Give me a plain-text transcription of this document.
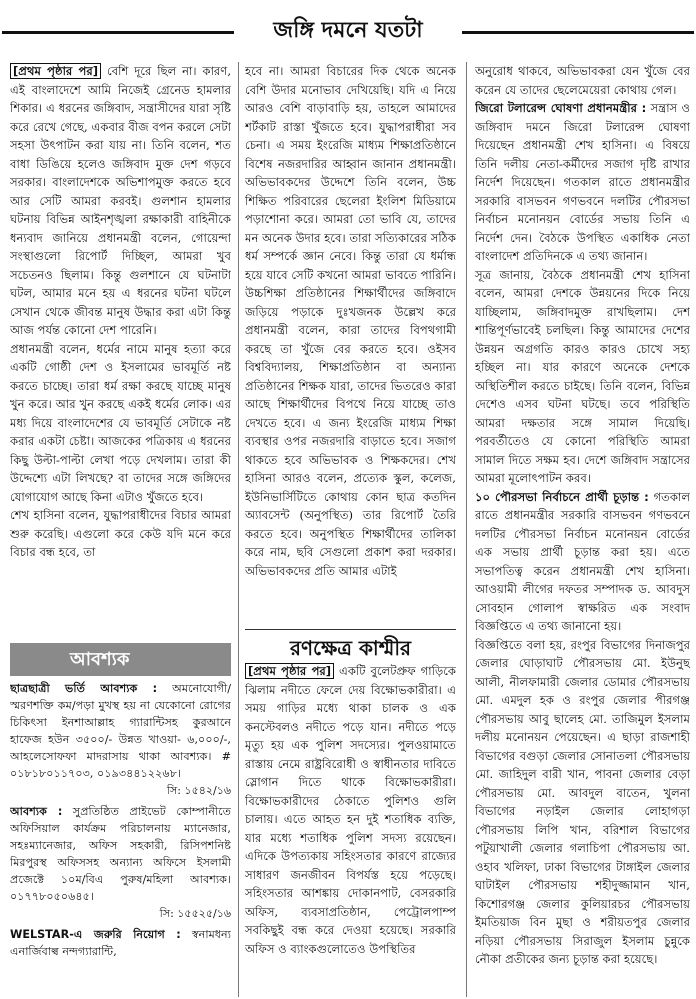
জঙ্গি দমনে যতটা

[প্রথম পৃষ্ঠার পর] বেশি দূরে ছিল না। কারণ, এই বাংলাদেশে আমি নিজেই গ্রেনেড হামলার শিকার। এ ধরনের জঙ্গিবাদ, সন্ত্রাসীদের যারা সৃষ্টি করে রেখে গেছে, একবার বীজ বপন করলে সেটা সহসা উৎপাটন করা যায় না। তিনি বলেন, শত বাধা ডিঙিয়ে হলেও জঙ্গিবাদ মুক্ত দেশ গড়বে সরকার। বাংলাদেশকে অভিশাপমুক্ত করতে হবে আর সেটি আমরা করবই। গুলশান হামলার ঘটনায় বিভিন্ন আইনশৃঙ্খলা রক্ষাকারী বাহিনীকে ধন্যবাদ জানিয়ে প্রধানমন্ত্রী বলেন, গোয়েন্দা সংস্থাগুলো রিপোর্ট দিচ্ছিল, আমরা খুব সচেতনও ছিলাম। কিন্তু গুলশানে যে ঘটনাটা ঘটল, আমার মনে হয় এ ধরনের ঘটনা ঘটলে সেখান থেকে জীবন্ত মানুষ উদ্ধার করা এটা কিন্তু আজ পর্যন্ত কোনো দেশ পারেনি।

প্রধানমন্ত্রী বলেন, ধর্মের নামে মানুষ হত্যা করে একটি গোষ্ঠী দেশ ও ইসলামের ভাবমূর্তি নষ্ট করতে চাচ্ছে। তারা ধর্ম রক্ষা করছে যাচ্ছে মানুষ খুন করে। আর খুন করছে একই ধর্মের লোক। এর মধ্য দিয়ে বাংলাদেশের যে ভাবমূর্তি সেটাকে নষ্ট করার একটা চেষ্টা। আজকের পত্রিকায় এ ধরনের কিছু উল্টা-পাল্টা লেখা পড়ে দেখলাম। তারা কী উদ্দেশ্যে এটা লিখছে? বা তাদের সঙ্গে জঙ্গিদের যোগাযোগ আছে কিনা এটাও খুঁজতে হবে।

শেখ হাসিনা বলেন, যুদ্ধাপরাধীদের বিচার আমরা শুরু করেছি। এগুলো করে কেউ যদি মনে করে বিচার বন্ধ হবে, তা

আবশ্যক

ছাত্রছাত্রী ভর্তি আবশ্যক : অমনোযোগী/ স্মরণশক্তি কম/পড়া মুখস্থ হয় না যেকোনো রোগের চিকিৎসা ইনশাআল্লাহ গ্যারান্টিসহ কুরআনে হাফেজ হউন ৩৫০০/- উন্নত খাওয়া- ৬,০০০/-, আহলেসোফফা মাদরাসায় থাকা আবশ্যক। # ০১৮১৮০১১৭০৩, ০১৯৩৪৪১২২৬৮।

সি: ১৫৪২/১৬

আবশ্যক : সুপ্রতিষ্ঠিত প্রাইভেট কোম্পানীতে অফিসিয়াল কার্যক্রম পরিচালনায় ম্যানেজার, সহঃম্যানেজার, অফিস সহকারী, রিসিপশনিষ্ট মিরপুরস্থ অফিসসহ অন্যান্য অফিসে ইসলামী প্রজেক্টে ১০ম/বিএ পুরুষ/মহিলা আবশ্যক। ০১৭৭৮০৫০৬৪৫।

সি: ১৫৫২৫/১৬

WELSTAR-এ জরুরি নিয়োগ : স্বনামধন্য এনার্জিবাল্ব নন্দগ্যারান্টি,

হবে না। আমরা বিচারের দিক থেকে অনেক বেশি উদার মনোভাব দেখিয়েছি। যদি এ নিয়ে আরও বেশি বাড়াবাড়ি হয়, তাহলে আমাদের শর্টকাট রাস্তা খুঁজতে হবে। যুদ্ধাপরাধীরা সব চেনা। এ সময় ইংরেজি মাধ্যম শিক্ষাপ্রতিষ্ঠানে বিশেষ নজরদারির আহ্বান জানান প্রধানমন্ত্রী। অভিভাবকদের উদ্দেশে তিনি বলেন, উচ্চ শিক্ষিত পরিবারের ছেলেরা ইংলিশ মিডিয়ামে পড়াশোনা করে। আমরা তো ভাবি যে, তাদের মন অনেক উদার হবে। তারা সত্যিকারের সঠিক ধর্ম সম্পর্কে জ্ঞান নেবে। কিন্তু তারা যে ধর্মান্ধ হয়ে যাবে সেটি কখনো আমরা ভাবতে পারিনি। উচ্চশিক্ষা প্রতিষ্ঠানের শিক্ষার্থীদের জঙ্গিবাদে জড়িয়ে পড়াকে দুঃখজনক উল্লেখ করে প্রধানমন্ত্রী বলেন, কারা তাদের বিপথগামী করছে তা খুঁজে বের করতে হবে। ওইসব বিশ্ববিদ্যালয়, শিক্ষাপ্রতিষ্ঠান বা অন্যান্য প্রতিষ্ঠানের শিক্ষক যারা, তাদের ভিতরেও কারা আছে শিক্ষার্থীদের বিপথে নিয়ে যাচ্ছে তাও দেখতে হবে। এ জন্য ইংরেজি মাধ্যম শিক্ষা ব্যবস্থার ওপর নজরদারি বাড়াতে হবে। সজাগ থাকতে হবে অভিভাবক ও শিক্ষকদের। শেখ হাসিনা আরও বলেন, প্রত্যেক স্কুল, কলেজ, ইউনিভার্সিটিতে কোথায় কোন ছাত্র কতদিন অ্যাবসেন্ট (অনুপস্থিত) তার রিপোর্ট তৈরি করতে হবে। অনুপস্থিত শিক্ষার্থীদের তালিকা করে নাম, ছবি সেগুলো প্রকাশ করা দরকার। অভিভাবকদের প্রতি আমার এটাই

রণক্ষেত্র কাশ্মীর

[প্রথম পৃষ্ঠার পর] একটি বুলেটপ্রুফ গাড়িকে ঝিলাম নদীতে ফেলে দেয় বিক্ষোভকারীরা। এ সময় গাড়ির মধ্যে থাকা চালক ও এক কনস্টেবলও নদীতে পড়ে যান। নদীতে পড়ে মৃত্যু হয় এক পুলিশ সদস্যের। পুলওয়ামাতে রাস্তায় নেমে রাষ্ট্রবিরোধী ও স্বাধীনতার দাবিতে স্লোগান দিতে থাকে বিক্ষোভকারীরা। বিক্ষোভকারীদের ঠেকাতে পুলিশও গুলি চালায়। এতে আহত হন দুই শতাধিক ব্যক্তি, যার মধ্যে শতাধিক পুলিশ সদস্য রয়েছেন। এদিকে উপত্যকায় সহিংসতার কারণে রাজ্যের সাধারণ জনজীবন বিপর্যস্ত হয়ে পড়েছে। সহিংসতার আশঙ্কায় দোকানপাট, বেসরকারি অফিস, ব্যবসাপ্রতিষ্ঠান, পেট্রোলপাম্প সবকিছুই বন্ধ করে দেওয়া হয়েছে। সরকারি অফিস ও ব্যাংকগুলোতেও উপস্থিতির

অনুরোধ থাকবে, অভিভাবকরা যেন খুঁজে বের করেন যে তাদের ছেলেমেয়েরা কোথায় গেল।

জিরো টলারেন্স ঘোষণা প্রধানমন্ত্রীর : সন্ত্রাস ও জঙ্গিবাদ দমনে জিরো টলারেন্স ঘোষণা দিয়েছেন প্রধানমন্ত্রী শেখ হাসিনা। এ বিষয়ে তিনি দলীয় নেতা-কর্মীদের সজাগ দৃষ্টি রাখার নির্দেশ দিয়েছেন। গতকাল রাতে প্রধানমন্ত্রীর সরকারি বাসভবন গণভবনে দলটির পৌরসভা নির্বাচন মনোনয়ন বোর্ডের সভায় তিনি এ নির্দেশ দেন। বৈঠকে উপস্থিত একাধিক নেতা বাংলাদেশ প্রতিদিনকে এ তথ্য জানান।

সূত্র জানায়, বৈঠকে প্রধানমন্ত্রী শেখ হাসিনা বলেন, আমরা দেশকে উন্নয়নের দিকে নিয়ে যাচ্ছিলাম, জঙ্গিবাদমুক্ত রাখছিলাম। দেশ শান্তিপূর্ণভাবেই চলছিল। কিন্তু আমাদের দেশের উন্নয়ন অগ্রগতি কারও কারও চোখে সহ্য হচ্ছিল না। যার কারণে অনেকে দেশকে অস্থিতিশীল করতে চাইছে। তিনি বলেন, বিভিন্ন দেশেও এসব ঘটনা ঘটছে। তবে পরিস্থিতি আমরা দক্ষতার সঙ্গে সামাল দিয়েছি। পরবর্তীতেও যে কোনো পরিস্থিতি আমরা সামাল দিতে সক্ষম হব। দেশে জঙ্গিবাদ সন্ত্রাসের আমরা মূলোৎপাটন করব।

১০ পৌরসভা নির্বাচনে প্রার্থী চূড়ান্ত : গতকাল রাতে প্রধানমন্ত্রীর সরকারি বাসভবন গণভবনে দলটির পৌরসভা নির্বাচন মনোনয়ন বোর্ডের এক সভায় প্রার্থী চূড়ান্ত করা হয়। এতে সভাপতিত্ব করেন প্রধানমন্ত্রী শেখ হাসিনা। আওয়ামী লীগের দফতর সম্পাদক ড. আবদুস সোবহান গোলাপ স্বাক্ষরিত এক সংবাদ বিজ্ঞপ্তিতে এ তথ্য জানানো হয়।

বিজ্ঞপ্তিতে বলা হয়, রংপুর বিভাগের দিনাজপুর জেলার ঘোড়াঘাট পৌরসভায় মো. ইউনুছ আলী, নীলফামারী জেলার ডোমার পৌরসভায় মো. এমদুল হক ও রংপুর জেলার পীরগঞ্জ পৌরসভায় আবু ছালেহ মো. তাজিমুল ইসলাম দলীয় মনোনয়ন পেয়েছেন। এ ছাড়া রাজশাহী বিভাগের বগুড়া জেলার সোনাতলা পৌরসভায় মো. জাহিদুল বারী খান, পাবনা জেলার বেড়া পৌরসভায় মো. আবদুল বাতেন, খুলনা বিভাগের নড়াইল জেলার লোহাগড়া পৌরসভায় লিপি খান, বরিশাল বিভাগের পটুয়াখালী জেলার গলাচিপা পৌরসভায় আ. ওহাব খলিফা, ঢাকা বিভাগের টাঙ্গাইল জেলার ঘাটাইল পৌরসভায় শহীদুজ্জামান খান, কিশোরগঞ্জ জেলার কুলিয়ারচর পৌরসভায় ইমতিয়াজ বিন মুছা ও শরীয়তপুর জেলার নড়িয়া পৌরসভায় সিরাজুল ইসলাম চুন্নুকে নৌকা প্রতীকের জন্য চূড়ান্ত করা হয়েছে।
